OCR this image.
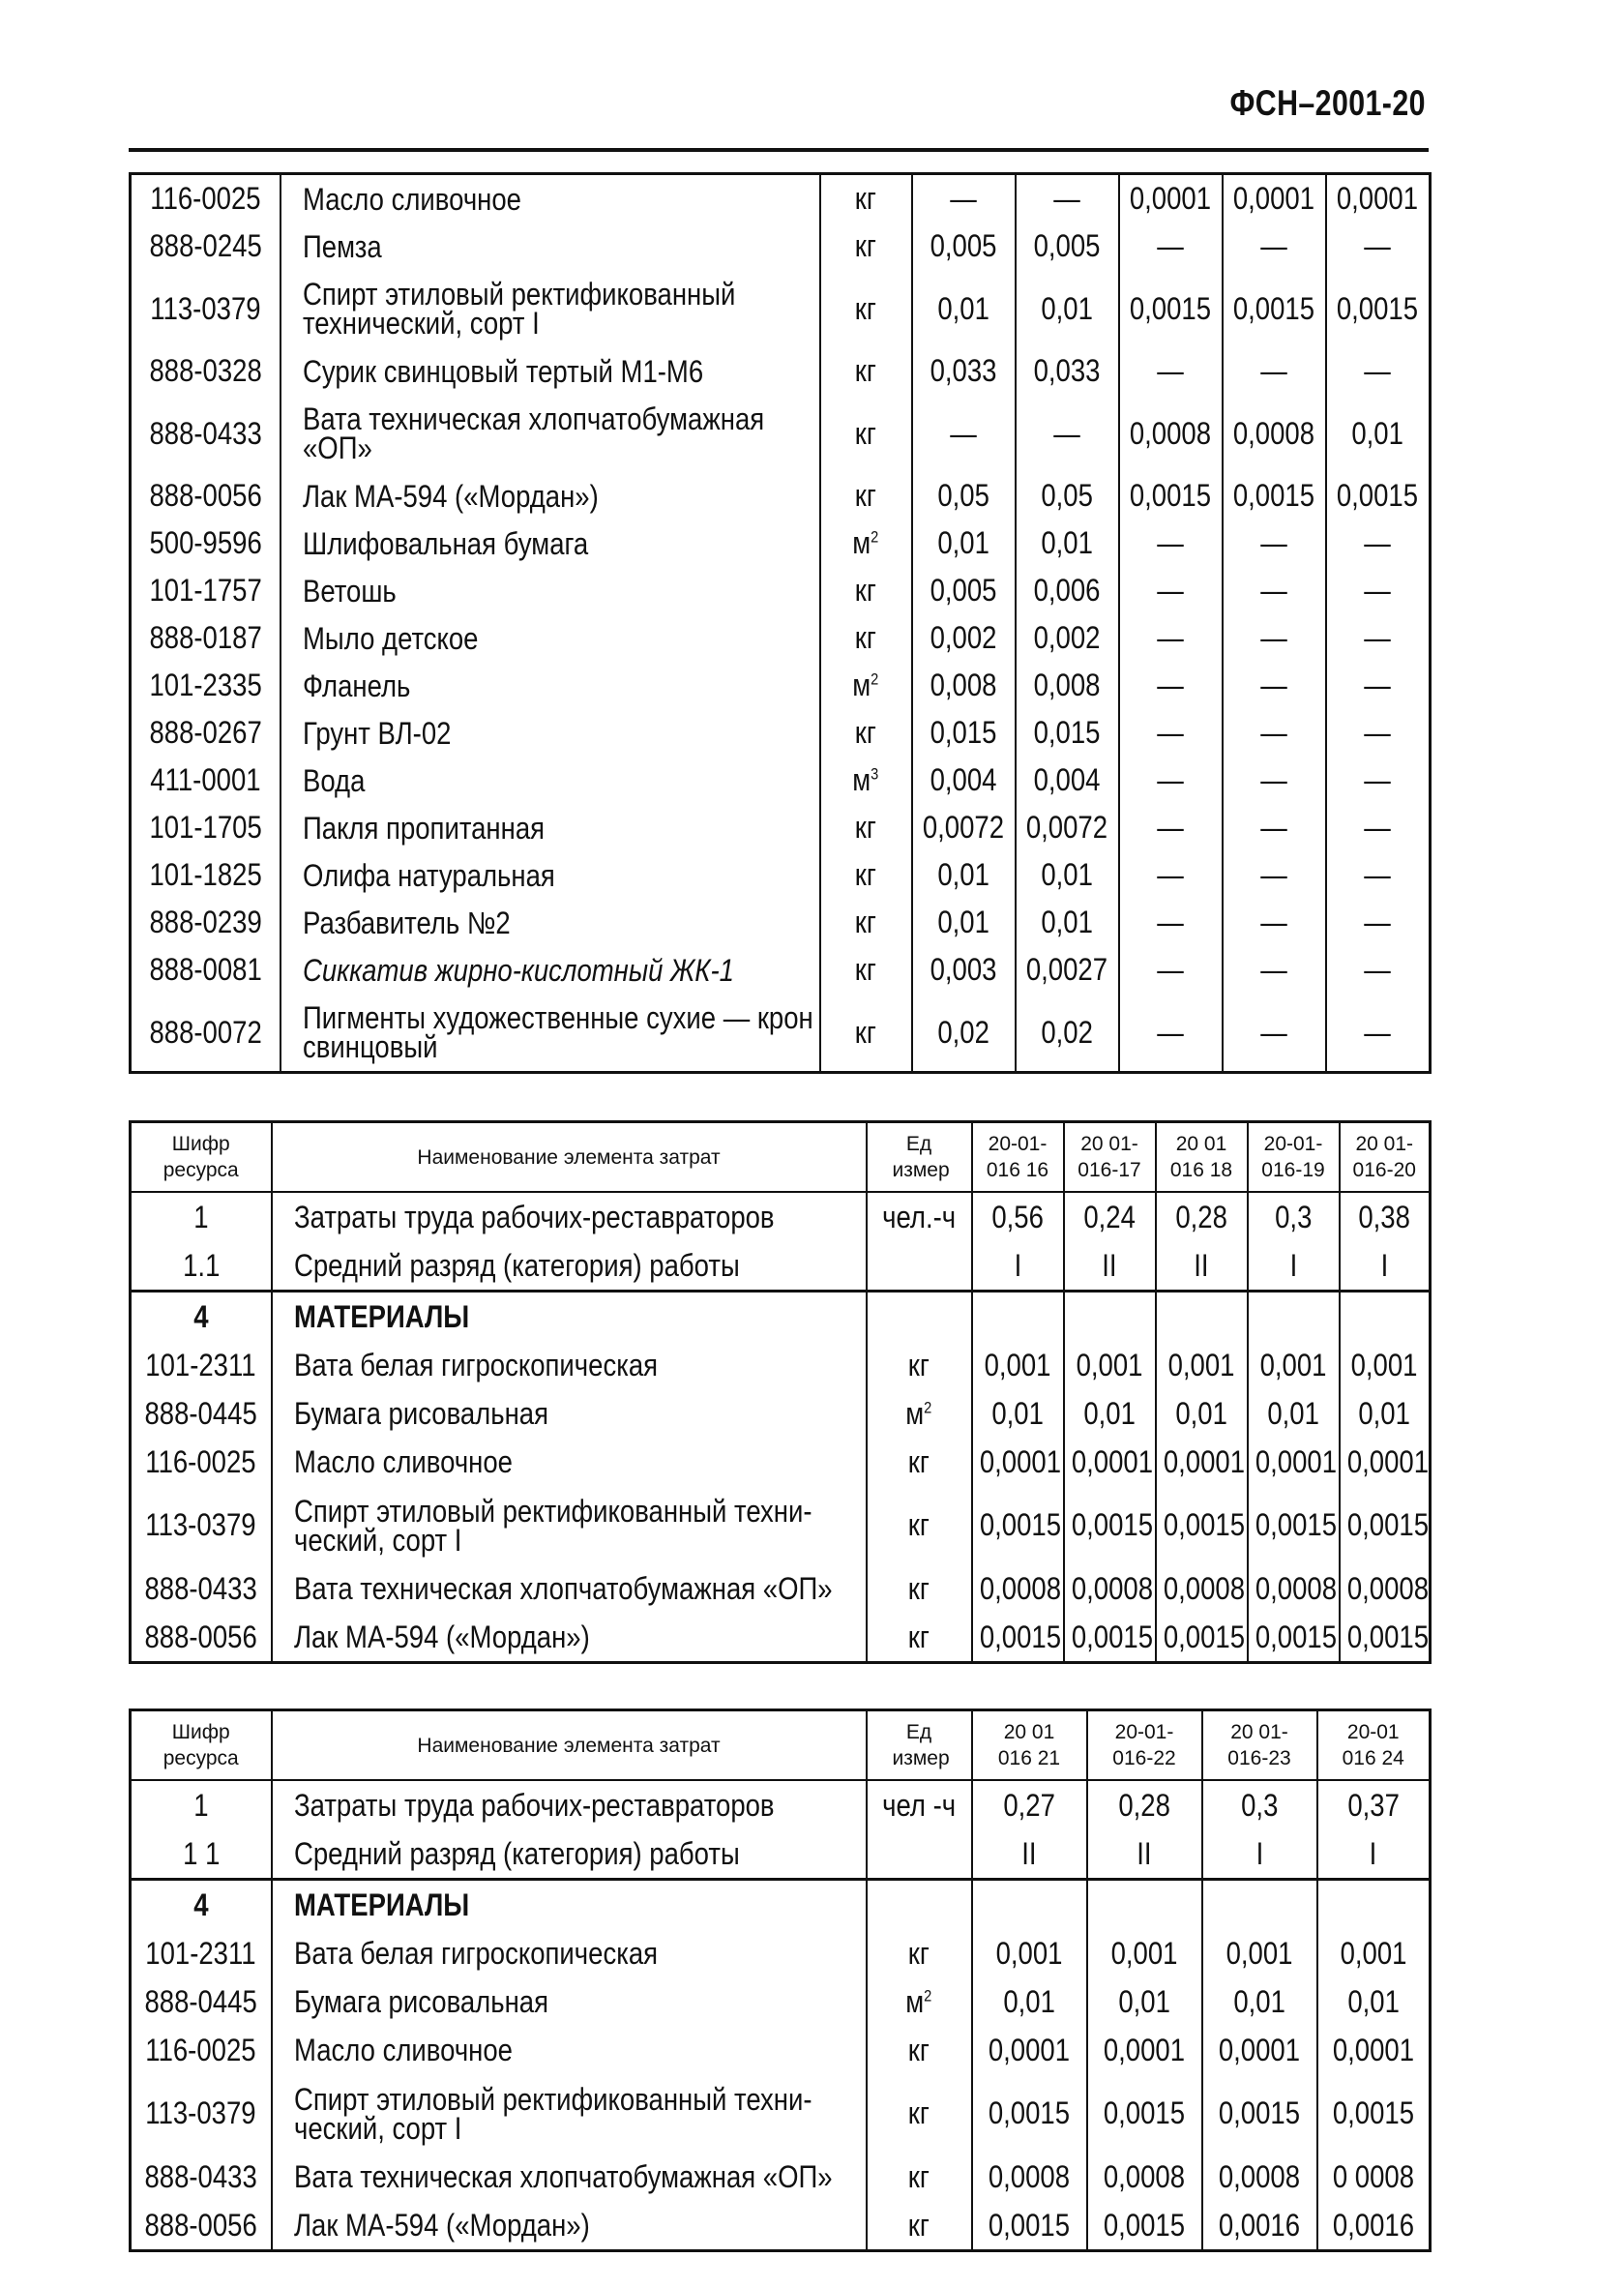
ФСН–2001-20
116-0025	Масло сливочное	кг	—	—	0,0001	0,0001	0,0001
888-0245	Пемза	кг	0,005	0,005	—	—	—
113-0379	Спирт этиловый ректификованный технический, сорт I	кг	0,01	0,01	0,0015	0,0015	0,0015
888-0328	Сурик свинцовый тертый М1-М6	кг	0,033	0,033	—	—	—
888-0433	Вата техническая хлопчатобумажная «ОП»	кг	—	—	0,0008	0,0008	0,01
888-0056	Лак МА-594 («Мордан»)	кг	0,05	0,05	0,0015	0,0015	0,0015
500-9596	Шлифовальная бумага	$м^2$	0,01	0,01	—	—	—
101-1757	Ветошь	кг	0,005	0,006	—	—	—
888-0187	Мыло детское	кг	0,002	0,002	—	—	—
101-2335	Фланель	$м^2$	0,008	0,008	—	—	—
888-0267	Грунт ВЛ-02	кг	0,015	0,015	—	—	—
411-0001	Вода	$м^3$	0,004	0,004	—	—	—
101-1705	Пакля пропитанная	кг	0,0072	0,0072	—	—	—
101-1825	Олифа натуральная	кг	0,01	0,01	—	—	—
888-0239	Разбавитель №2	кг	0,01	0,01	—	—	—
888-0081	Сиккатив жирно-кислотный ЖК-1	кг	0,003	0,0027	—	—	—
888-0072	Пигменты художественные сухие — крон свинцовый	кг	0,02	0,02	—	—	—
Шифр ресурса	Наименование элемента затрат	Ед измер	20-01-016 16	20 01-016-17	20 01 016 18	20-01-016-19	20 01-016-20

1	Затраты труда рабочих-реставраторов	чел.-ч	0,56	0,24	0,28	0,3	0,38
1.1	Средний разряд (категория) работы		I	II	II	I	I
4	МАТЕРИАЛЫ						
101-2311	Вата белая гигроскопическая	кг	0,001	0,001	0,001	0,001	0,001
888-0445	Бумага рисовальная	$м^2$	0,01	0,01	0,01	0,01	0,01
116-0025	Масло сливочное	кг	0,0001	0,0001	0,0001	0,0001	0,0001
113-0379	Спирт этиловый ректификованный техни-ческий, сорт I	кг	0,0015	0,0015	0,0015	0,0015	0,0015
888-0433	Вата техническая хлопчатобумажная «ОП»	кг	0,0008	0,0008	0,0008	0,0008	0,0008
888-0056	Лак МА-594 («Мордан»)	кг	0,0015	0,0015	0,0015	0,0015	0,0015
Шифр ресурса	Наименование элемента затрат	Ед измер	20 01 016 21	20-01-016-22	20 01-016-23	20-01 016 24

1	Затраты труда рабочих-реставраторов	чел -ч	0,27	0,28	0,3	0,37
1 1	Средний разряд (категория) работы		II	II	I	I
4	МАТЕРИАЛЫ					
101-2311	Вата белая гигроскопическая	кг	0,001	0,001	0,001	0,001
888-0445	Бумага рисовальная	$м^2$	0,01	0,01	0,01	0,01
116-0025	Масло сливочное	кг	0,0001	0,0001	0,0001	0,0001
113-0379	Спирт этиловый ректификованный техни-ческий, сорт I	кг	0,0015	0,0015	0,0015	0,0015
888-0433	Вата техническая хлопчатобумажная «ОП»	кг	0,0008	0,0008	0,0008	0 0008
888-0056	Лак МА-594 («Мордан»)	кг	0,0015	0,0015	0,0016	0,0016
